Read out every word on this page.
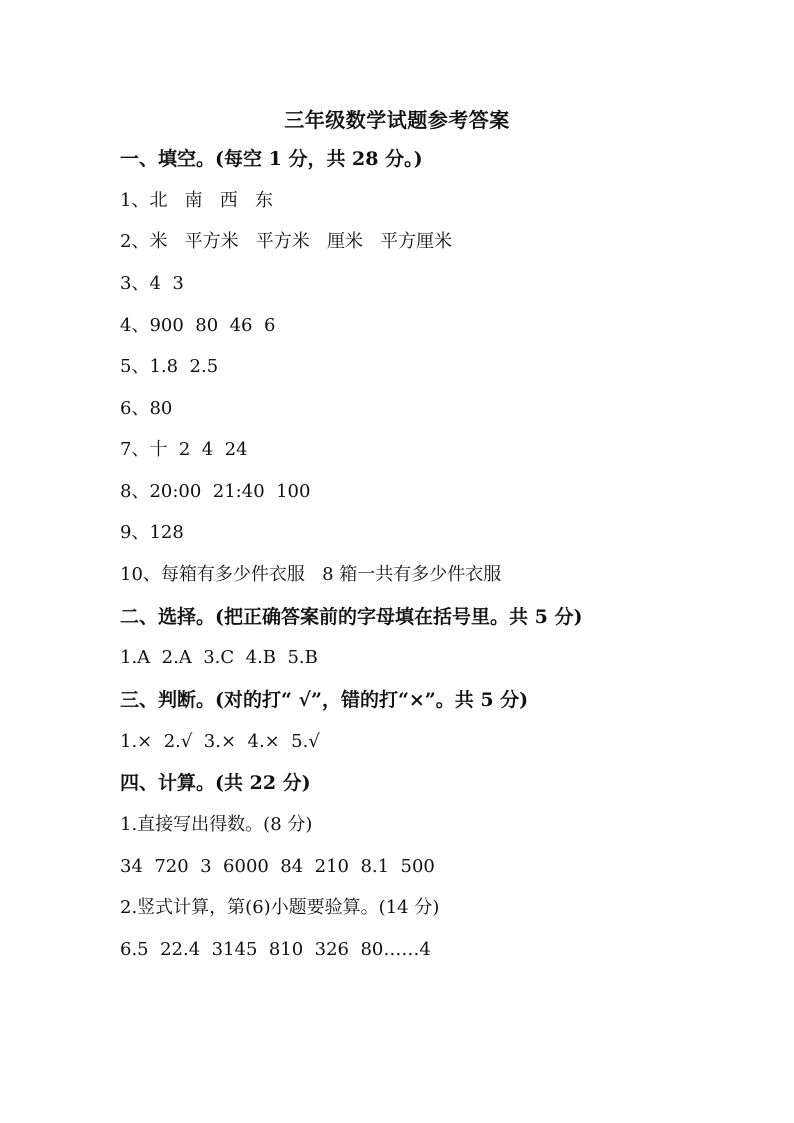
三年级数学试题参考答案
一、填空。(每空 1 分，共 28 分。)
1、北   南   西   东
2、米   平方米   平方米   厘米   平方厘米
3、4  3
4、900  80  46  6
5、1.8  2.5
6、80
7、十  2  4  24
8、20:00  21:40  100
9、128
10、每箱有多少件衣服   8 箱一共有多少件衣服
二、选择。(把正确答案前的字母填在括号里。共 5 分)
1.A  2.A  3.C  4.B  5.B
三、判断。(对的打“ √”，错的打“×”。共 5 分)
1.×  2.√  3.×  4.×  5.√
四、计算。(共 22 分)
1.直接写出得数。(8 分)
34  720  3  6000  84  210  8.1  500
2.竖式计算，第(6)小题要验算。(14 分)
6.5  22.4  3145  810  326  80……4
